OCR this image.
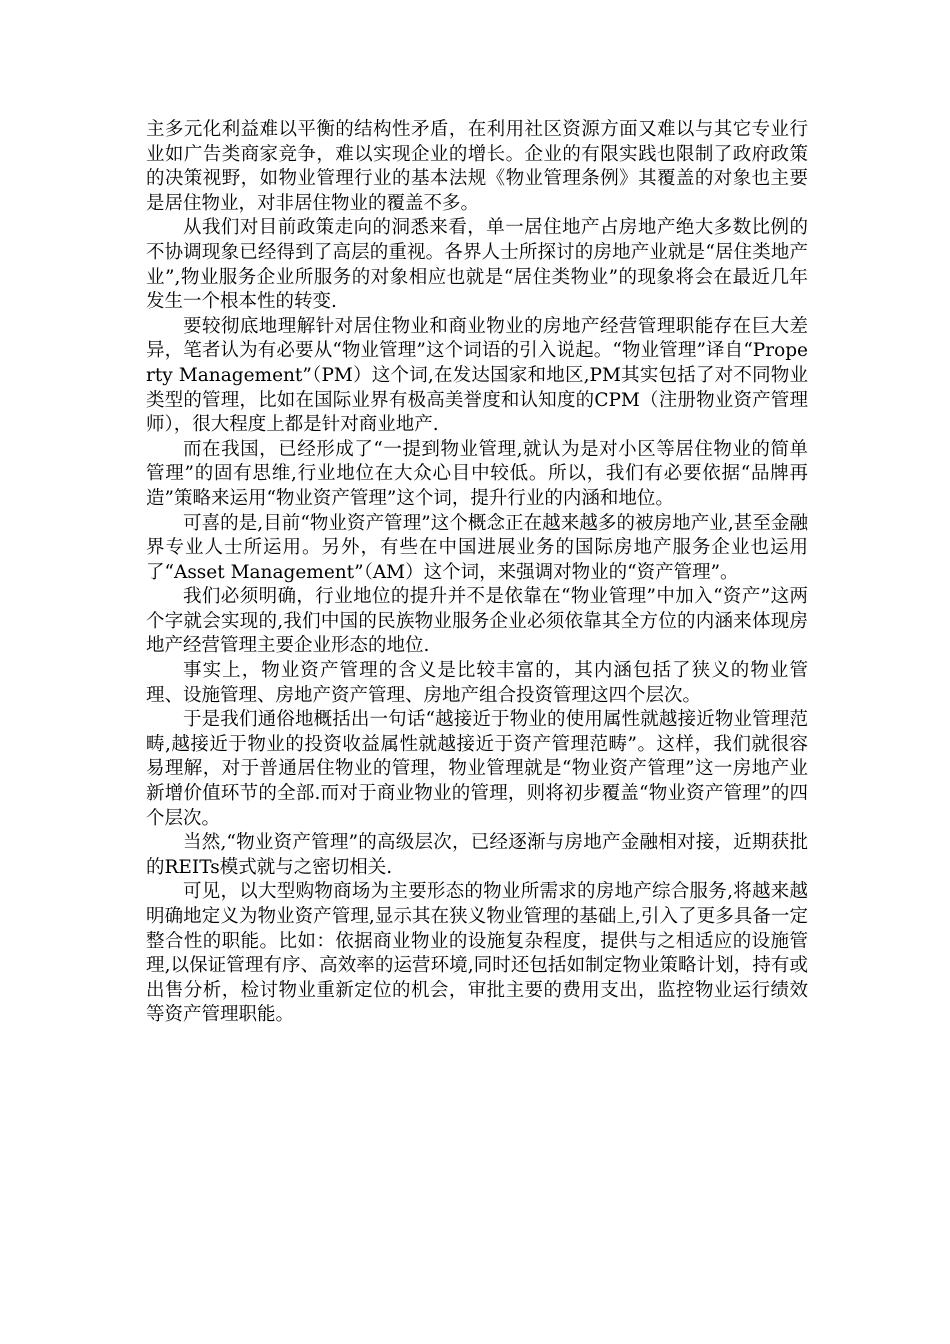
主多元化利益难以平衡的结构性矛盾，在利用社区资源方面又难以与其它专业行业如广告类商家竞争，难以实现企业的增长。企业的有限实践也限制了政府政策的决策视野，如物业管理行业的基本法规《物业管理条例》其覆盖的对象也主要是居住物业，对非居住物业的覆盖不多。

从我们对目前政策走向的洞悉来看，单一居住地产占房地产绝大多数比例的不协调现象已经得到了高层的重视。各界人士所探讨的房地产业就是“居住类地产业”,物业服务企业所服务的对象相应也就是“居住类物业”的现象将会在最近几年发生一个根本性的转变.

要较彻底地理解针对居住物业和商业物业的房地产经营管理职能存在巨大差异，笔者认为有必要从“物业管理”这个词语的引入说起。“物业管理”译自“Property Management”（PM）这个词,在发达国家和地区,PM其实包括了对不同物业类型的管理，比如在国际业界有极高美誉度和认知度的CPM（注册物业资产管理师），很大程度上都是针对商业地产.

而在我国，已经形成了“一提到物业管理,就认为是对小区等居住物业的简单管理”的固有思维,行业地位在大众心目中较低。所以，我们有必要依据“品牌再造”策略来运用“物业资产管理”这个词，提升行业的内涵和地位。

可喜的是,目前“物业资产管理”这个概念正在越来越多的被房地产业,甚至金融界专业人士所运用。另外，有些在中国进展业务的国际房地产服务企业也运用了“Asset Management”（AM）这个词，来强调对物业的“资产管理”。

我们必须明确，行业地位的提升并不是依靠在“物业管理”中加入“资产”这两个字就会实现的,我们中国的民族物业服务企业必须依靠其全方位的内涵来体现房地产经营管理主要企业形态的地位.

事实上，物业资产管理的含义是比较丰富的，其内涵包括了狭义的物业管理、设施管理、房地产资产管理、房地产组合投资管理这四个层次。

于是我们通俗地概括出一句话“越接近于物业的使用属性就越接近物业管理范畴,越接近于物业的投资收益属性就越接近于资产管理范畴”。这样，我们就很容易理解，对于普通居住物业的管理，物业管理就是“物业资产管理”这一房地产业新增价值环节的全部.而对于商业物业的管理，则将初步覆盖“物业资产管理”的四个层次。

当然,“物业资产管理”的高级层次，已经逐渐与房地产金融相对接，近期获批的REITs模式就与之密切相关.

可见，以大型购物商场为主要形态的物业所需求的房地产综合服务,将越来越明确地定义为物业资产管理,显示其在狭义物业管理的基础上,引入了更多具备一定整合性的职能。比如：依据商业物业的设施复杂程度，提供与之相适应的设施管理,以保证管理有序、高效率的运营环境,同时还包括如制定物业策略计划，持有或出售分析，检讨物业重新定位的机会，审批主要的费用支出，监控物业运行绩效等资产管理职能。
